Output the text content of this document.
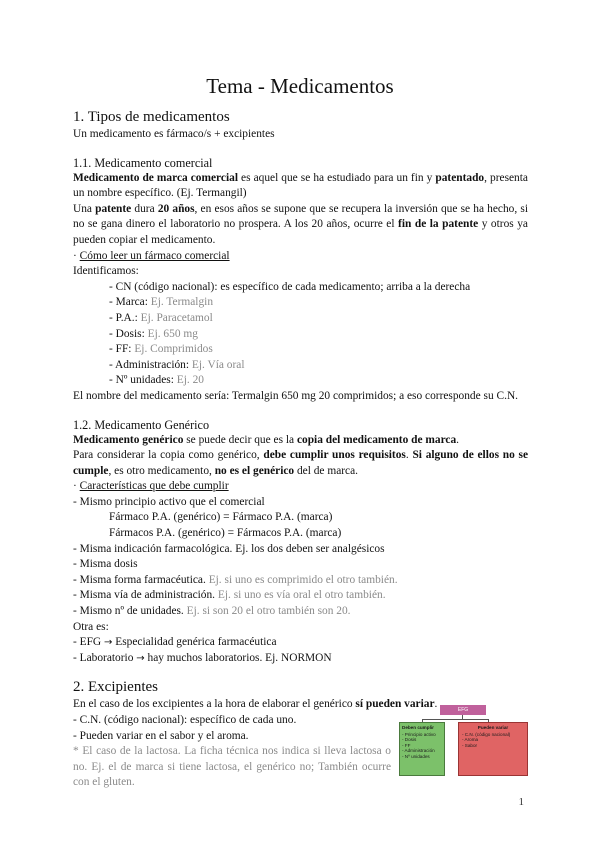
Tema - Medicamentos
1. Tipos de medicamentos

Un medicamento es fármaco/s + excipientes

1.1. Medicamento comercial

Medicamento de marca comercial es aquel que se ha estudiado para un fin y patentado, presenta un nombre específico. (Ej. Termangil)

Una patente dura 20 años, en esos años se supone que se recupera la inversión que se ha hecho, si no se gana dinero el laboratorio no prospera. A los 20 años, ocurre el fin de la patente y otros ya pueden copiar el medicamento.

· Cómo leer un fármaco comercial

Identificamos:

- CN (código nacional): es específico de cada medicamento; arriba a la derecha
- Marca: Ej. Termalgin
- P.A.: Ej. Paracetamol
- Dosis: Ej. 650 mg
- FF: Ej. Comprimidos
- Administración: Ej. Vía oral
- Nº unidades: Ej. 20

El nombre del medicamento sería: Termalgin 650 mg 20 comprimidos; a eso corresponde su C.N.

1.2. Medicamento Genérico

Medicamento genérico se puede decir que es la copia del medicamento de marca.

Para considerar la copia como genérico, debe cumplir unos requisitos. Si alguno de ellos no se cumple, es otro medicamento, no es el genérico del de marca.

· Características que debe cumplir

- Mismo principio activo que el comercial

Fármaco P.A. (genérico) = Fármaco P.A. (marca)
Fármacos P.A. (genérico) = Fármacos P.A. (marca)
- Misma indicación farmacológica. Ej. los dos deben ser analgésicos
- Misma dosis
- Misma forma farmacéutica. Ej. si uno es comprimido el otro también.
- Misma vía de administración. Ej. si uno es vía oral el otro también.
- Mismo nº de unidades. Ej. si son 20 el otro también son 20.

Otra es:

- EFG → Especialidad genérica farmacéutica
- Laboratorio → hay muchos laboratorios. Ej. NORMON
2. Excipientes

En el caso de los excipientes a la hora de elaborar el genérico sí pueden variar.

- C.N. (código nacional): específico de cada uno.

- Pueden variar en el sabor y el aroma.

* El caso de la lactosa. La ficha técnica nos indica si lleva lactosa o no. Ej. el de marca si tiene lactosa, el genérico no; También ocurre con el gluten.

EFG
Deben cumplir
- Principio activo
- Dosis
- FF
- Administración
- Nº unidades
Pueden variar
- C.N. (código nacional)
- Aroma
- Sabor
1
